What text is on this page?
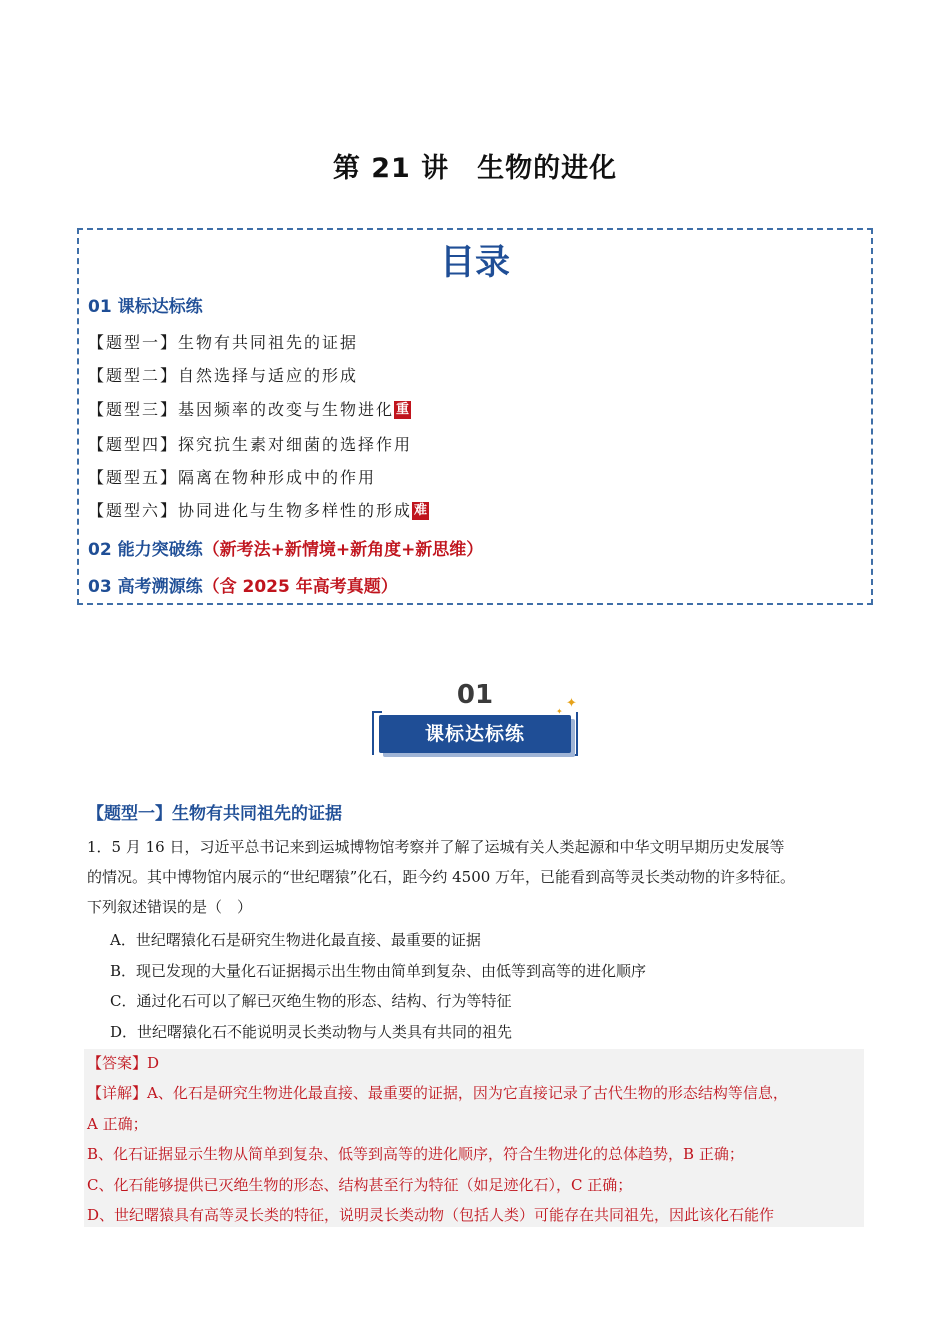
第 21 讲　生物的进化
目录
01 课标达标练
【题型一】生物有共同祖先的证据
【题型二】自然选择与适应的形成
【题型三】基因频率的改变与生物进化 重
【题型四】探究抗生素对细菌的选择作用
【题型五】隔离在物种形成中的作用
【题型六】协同进化与生物多样性的形成 难
02 能力突破练（新考法+新情境+新角度+新思维）
03 高考溯源练（含 2025 年高考真题）
01
课标达标练
✦
✦
【题型一】生物有共同祖先的证据
1．5 月 16 日，习近平总书记来到运城博物馆考察并了解了运城有关人类起源和中华文明早期历史发展等
的情况。其中博物馆内展示的“世纪曙猿”化石，距今约 4500 万年，已能看到高等灵长类动物的许多特征。
下列叙述错误的是（　）
A．世纪曙猿化石是研究生物进化最直接、最重要的证据
B．现已发现的大量化石证据揭示出生物由简单到复杂、由低等到高等的进化顺序
C．通过化石可以了解已灭绝生物的形态、结构、行为等特征
D．世纪曙猿化石不能说明灵长类动物与人类具有共同的祖先
【答案】D
【详解】A、化石是研究生物进化最直接、最重要的证据，因为它直接记录了古代生物的形态结构等信息，
A 正确；
B、化石证据显示生物从简单到复杂、低等到高等的进化顺序，符合生物进化的总体趋势，B 正确；
C、化石能够提供已灭绝生物的形态、结构甚至行为特征（如足迹化石），C 正确；
D、世纪曙猿具有高等灵长类的特征，说明灵长类动物（包括人类）可能存在共同祖先，因此该化石能作
